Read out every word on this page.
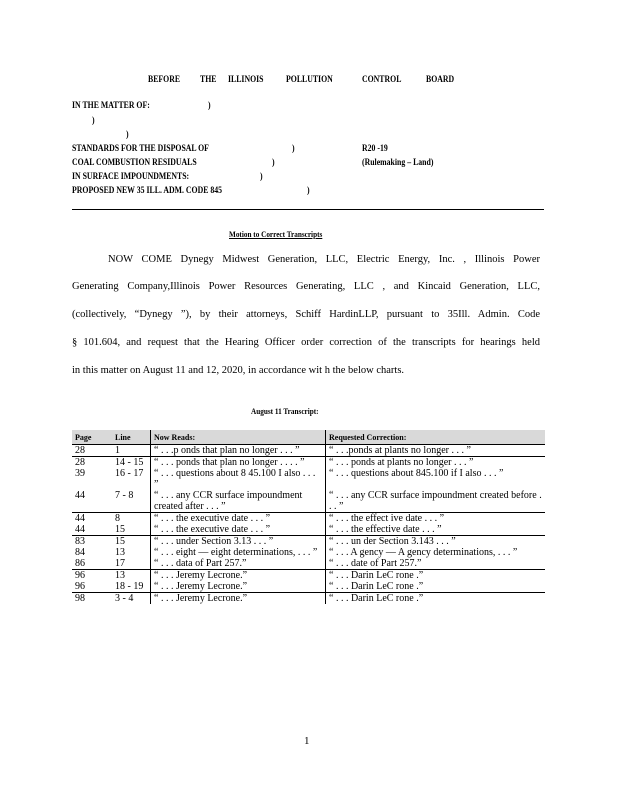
BEFORE THE ILLINOIS POLLUTION	CONTROL	BOARD
IN THE MATTER OF:	)
)
)
STANDARDS FOR THE DISPOSAL OF	)
COAL COMBUSTION RESIDUALS	)
IN SURFACE IMPOUNDMENTS:	)
PROPOSED NEW 35 ILL. ADM. CODE 845	)
R20 -19
(Rulemaking – Land)
Motion to Correct Transcripts
NOW COME Dynegy Midwest Generation, LLC, Electric Energy, Inc. , Illinois Power
Generating Company,Illinois Power Resources Generating, LLC , and Kincaid Generation, LLC,
(collectively, “Dynegy ”), by their attorneys, Schiff HardinLLP, pursuant to 35Ill. Admin. Code
§ 101.604, and request that the Hearing Officer order correction of the transcripts for hearings held
in this matter on August 11 and 12, 2020, in accordance wit h the below charts.
August 11 Transcript:
Page	Line	Now Reads:	Requested Correction:
28	1	“ . . .p onds that plan no longer . . . ”	“ . . .ponds at plants no longer . . . ”
28	14 - 15	“ . . . ponds that plan no longer . . . . ”	“ . . . ponds at plants no longer . . . ”
39	16 - 17	“ . . . questions about 8 45.100 I also . . . ”	“ . . . questions about 845.100 if I also . . . ”
44	7 - 8	“ . . . any CCR surface impoundment created after . . . ”	“ . . . any CCR surface impoundment created before . . . ”
44	8	“ . . . the executive date . . . ”	“ . . . the effect ive date . . . ”
44	15	“ . . . the executive date . . . ”	“ . . . the effective date . . . ”
83	15	“ . . . under Section 3.13 . . . ”	“ . . . un der Section 3.143 . . . ”
84	13	“ . . . eight — eight determinations, . . . ”	“ . . . A gency — A gency determinations, . . . ”
86	17	“ . . . data of Part 257.”	“ . . . date of Part 257.”
96	13	“ . . . Jeremy Lecrone.”	“ . . . Darin LeC rone .”
96	18 - 19	“ . . . Jeremy Lecrone.”	“ . . . Darin LeC rone .”
98	3 - 4	“ . . . Jeremy Lecrone.”	“ . . . Darin LeC rone .”
1
